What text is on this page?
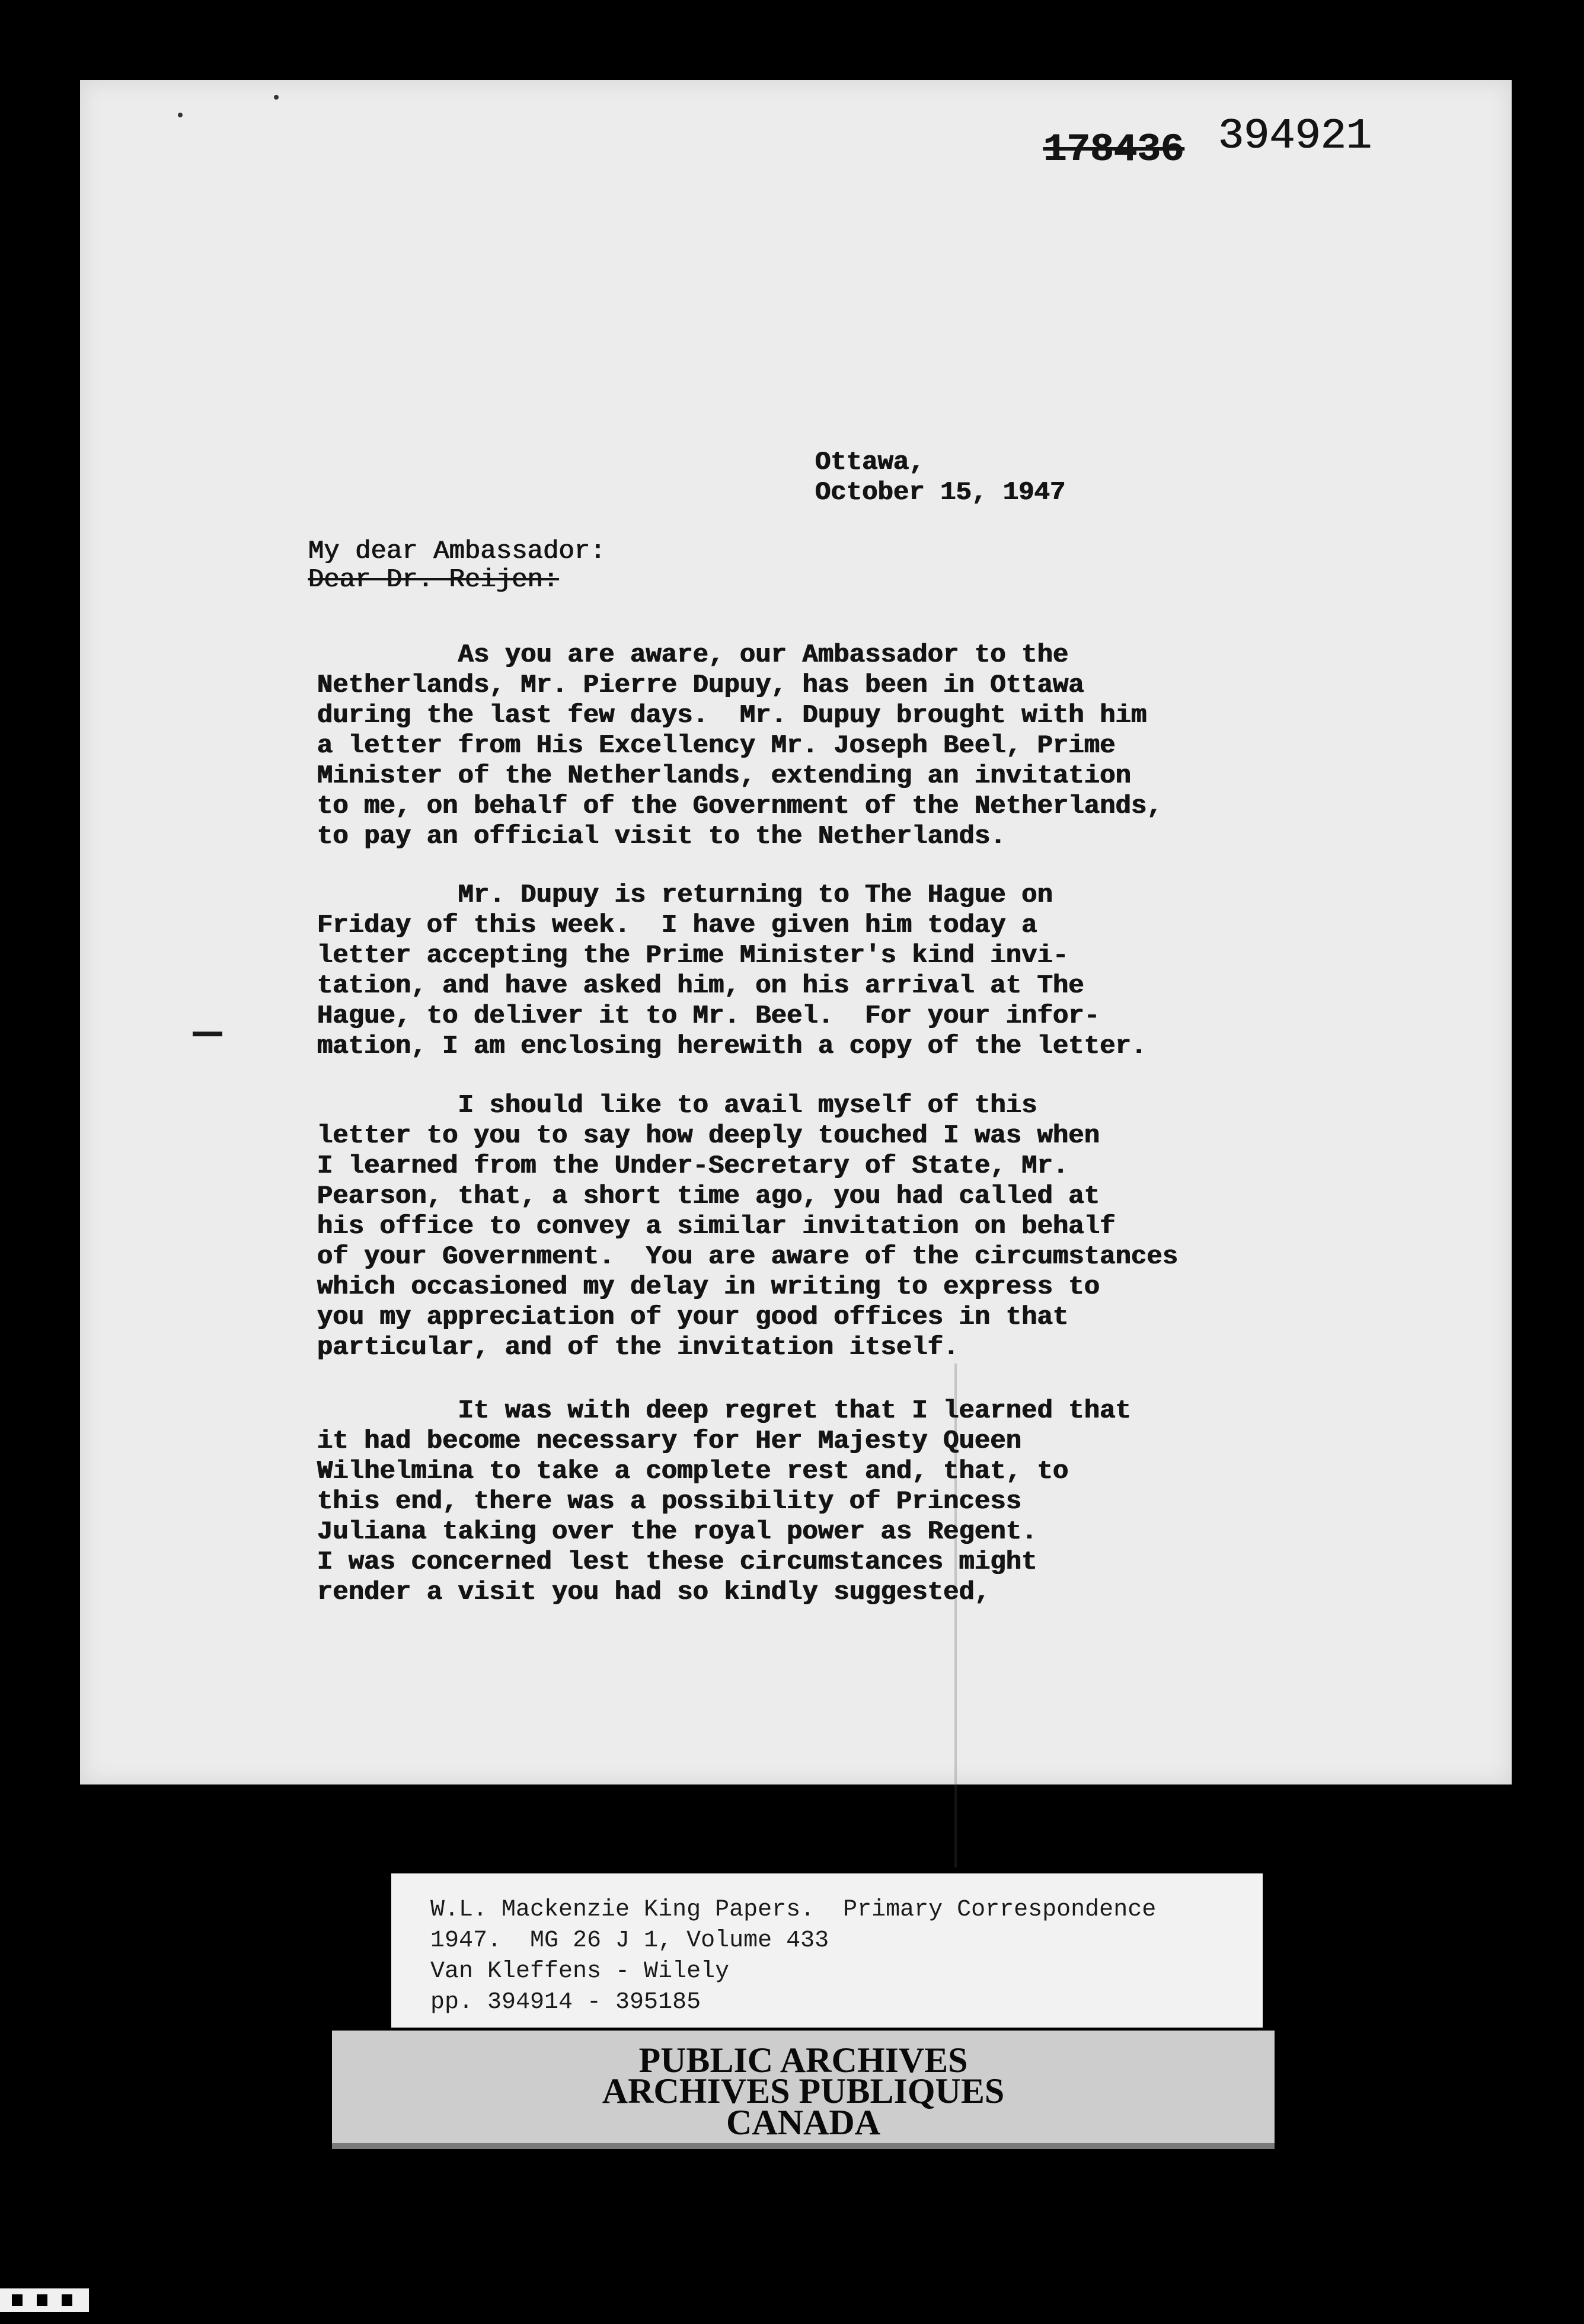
178436 394921
Ottawa,
October 15, 1947
My dear Ambassador:
Dear Dr. Reijen:
As you are aware, our Ambassador to the
Netherlands, Mr. Pierre Dupuy, has been in Ottawa
during the last few days.  Mr. Dupuy brought with him
a letter from His Excellency Mr. Joseph Beel, Prime
Minister of the Netherlands, extending an invitation
to me, on behalf of the Government of the Netherlands,
to pay an official visit to the Netherlands.
Mr. Dupuy is returning to The Hague on
Friday of this week.  I have given him today a
letter accepting the Prime Minister's kind invi-
tation, and have asked him, on his arrival at The
Hague, to deliver it to Mr. Beel.  For your infor-
mation, I am enclosing herewith a copy of the letter.
I should like to avail myself of this
letter to you to say how deeply touched I was when
I learned from the Under-Secretary of State, Mr.
Pearson, that, a short time ago, you had called at
his office to convey a similar invitation on behalf
of your Government.  You are aware of the circumstances
which occasioned my delay in writing to express to
you my appreciation of your good offices in that
particular, and of the invitation itself.
It was with deep regret that I learned that
it had become necessary for Her Majesty Queen
Wilhelmina to take a complete rest and, that, to
this end, there was a possibility of Princess
Juliana taking over the royal power as Regent.
I was concerned lest these circumstances might
render a visit you had so kindly suggested,
W.L. Mackenzie King Papers.  Primary Correspondence
1947.  MG 26 J 1, Volume 433
Van Kleffens - Wilely
pp. 394914 - 395185
PUBLIC ARCHIVES
ARCHIVES PUBLIQUES
CANADA
